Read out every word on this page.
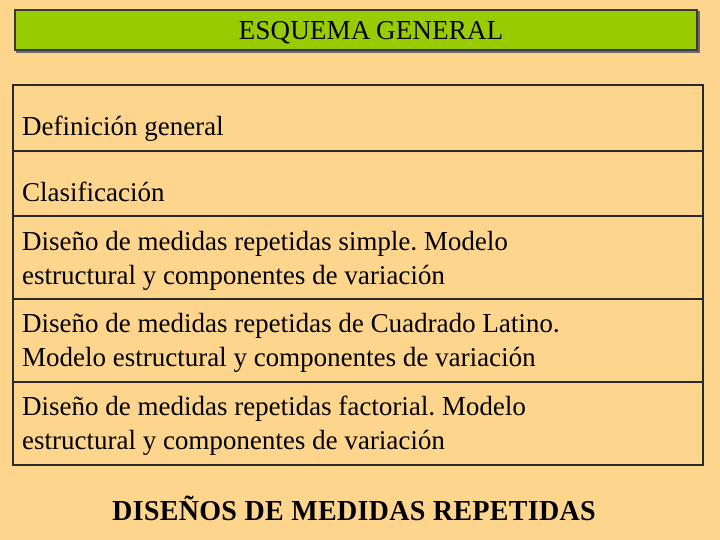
ESQUEMA GENERAL
Definición general
Clasificación
Diseño de medidas repetidas simple. Modelo
estructural y componentes de variación
Diseño de medidas repetidas de Cuadrado Latino.
Modelo estructural y componentes de variación
Diseño de medidas repetidas factorial. Modelo
estructural y componentes de variación
DISEÑOS DE MEDIDAS REPETIDAS
